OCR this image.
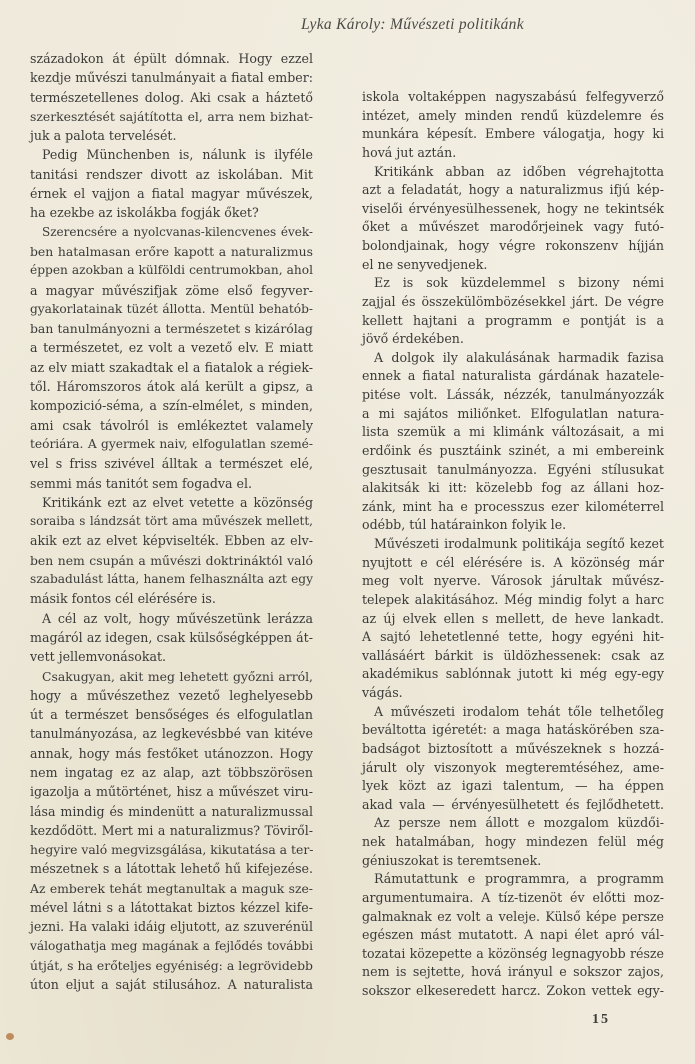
Lyka Károly: Művészeti politikánk
századokon át épült dómnak. Hogy ezzel
kezdje művészi tanulmányait a fiatal ember:
természetellenes dolog. Aki csak a háztető
szerkesztését sajátította el, arra nem bizhat-
juk a palota tervelését.
Pedig Münchenben is, nálunk is ilyféle
tanitási rendszer divott az iskolában. Mit
érnek el vajjon a fiatal magyar művészek,
ha ezekbe az iskolákba fogják őket?
Szerencsére a nyolcvanas-kilencvenes évek-
ben hatalmasan erőre kapott a naturalizmus
éppen azokban a külföldi centrumokban, ahol
a magyar művészifjak zöme első fegyver-
gyakorlatainak tüzét állotta. Mentül behatób-
ban tanulmányozni a természetet s kizárólag
a természetet, ez volt a vezető elv. E miatt
az elv miatt szakadtak el a fiatalok a régiek-
től. Háromszoros átok alá került a gipsz, a
kompozició-séma, a szín-elmélet, s minden,
ami csak távolról is emlékeztet valamely
teóriára. A gyermek naiv, elfogulatlan szemé-
vel s friss szivével álltak a természet elé,
semmi más tanitót sem fogadva el.
Kritikánk ezt az elvet vetette a közönség
soraiba s lándzsát tört ama művészek mellett,
akik ezt az elvet képviselték. Ebben az elv-
ben nem csupán a művészi doktrináktól való
szabadulást látta, hanem felhasználta azt egy
másik fontos cél elérésére is.
A cél az volt, hogy művészetünk lerázza
magáról az idegen, csak külsőségképpen át-
vett jellemvonásokat.
Csakugyan, akit meg lehetett győzni arról,
hogy a művészethez vezető leghelyesebb
út a természet bensőséges és elfogulatlan
tanulmányozása, az legkevésbbé van kitéve
annak, hogy más festőket utánozzon. Hogy
nem ingatag ez az alap, azt többszörösen
igazolja a műtörténet, hisz a művészet viru-
lása mindig és mindenütt a naturalizmussal
kezdődött. Mert mi a naturalizmus? Töviről-
hegyire való megvizsgálása, kikutatása a ter-
mészetnek s a látottak lehető hű kifejezése.
Az emberek tehát megtanultak a maguk sze-
mével látni s a látottakat biztos kézzel kife-
jezni. Ha valaki idáig eljutott, az szuverénül
válogathatja meg magának a fejlődés további
útját, s ha erőteljes egyéniség: a legrövidebb
úton eljut a saját stilusához. A naturalista
iskola voltaképpen nagyszabású felfegyverző
intézet, amely minden rendű küzdelemre és
munkára képesít. Embere válogatja, hogy ki
hová jut aztán.
Kritikánk abban az időben végrehajtotta
azt a feladatát, hogy a naturalizmus ifjú kép-
viselői érvényesülhessenek, hogy ne tekintsék
őket a művészet marodőrjeinek vagy futó-
bolondjainak, hogy végre rokonszenv híjján
el ne senyvedjenek.
Ez is sok küzdelemmel s bizony némi
zajjal és összekülömbözésekkel járt. De végre
kellett hajtani a programm e pontját is a
jövő érdekében.
A dolgok ily alakulásának harmadik fazisa
ennek a fiatal naturalista gárdának hazatele-
pitése volt. Lássák, nézzék, tanulmányozzák
a mi sajátos miliőnket. Elfogulatlan natura-
lista szemük a mi klimánk változásait, a mi
erdőink és pusztáink szinét, a mi embereink
gesztusait tanulmányozza. Egyéni stílusukat
alakitsák ki itt: közelebb fog az állani hoz-
zánk, mint ha e processzus ezer kilométerrel
odébb, túl határainkon folyik le.
Művészeti irodalmunk politikája segítő kezet
nyujtott e cél elérésére is. A közönség már
meg volt nyerve. Városok járultak művész-
telepek alakitásához. Még mindig folyt a harc
az új elvek ellen s mellett, de heve lankadt.
A sajtó lehetetlenné tette, hogy egyéni hit-
vallásáért bárkit is üldözhessenek: csak az
akadémikus sablónnak jutott ki még egy-egy
vágás.
A művészeti irodalom tehát tőle telhetőleg
beváltotta igéretét: a maga hatáskörében sza-
badságot biztosított a művészeknek s hozzá-
járult oly viszonyok megteremtéséhez, ame-
lyek közt az igazi talentum, — ha éppen
akad vala — érvényesülhetett és fejlődhetett.
Az persze nem állott e mozgalom küzdői-
nek hatalmában, hogy mindezen felül még
géniuszokat is teremtsenek.
Rámutattunk e programmra, a programm
argumentumaira. A tíz-tizenöt év előtti moz-
galmaknak ez volt a veleje. Külső képe persze
egészen mást mutatott. A napi élet apró vál-
tozatai közepette a közönség legnagyobb része
nem is sejtette, hová irányul e sokszor zajos,
sokszor elkeseredett harcz. Zokon vettek egy-
15
